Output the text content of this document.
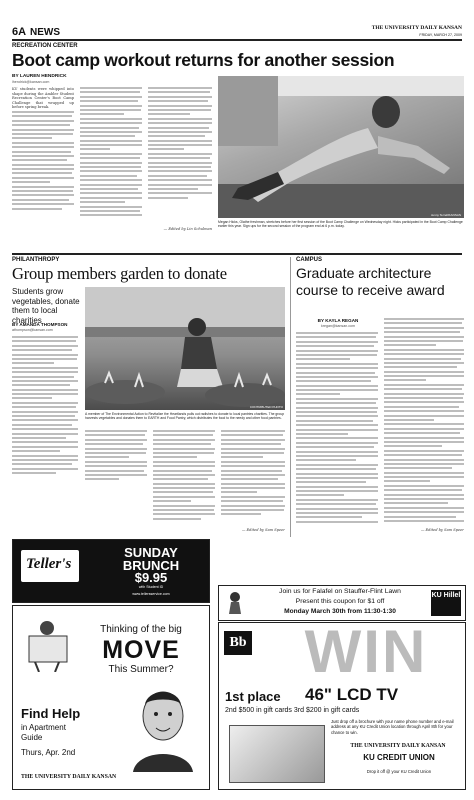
6A NEWS	THE UNIVERSITY DAILY KANSAN
FRIDAY, MARCH 27, 2009
RECREATION CENTER
Boot camp workout returns for another session
BY LAUREN HENDRICK
lhendrick@kansan.com
KU students were whipped into shape during the Ambler Student Recreation Center's Boot Camp Challenge that wrapped up before spring break.
— Edited by Lin Schulman
Jenny Terrell/KANSAN
Megan Hicks, Olathe freshman, stretches before her first session of the Boot Camp Challenge on Wednesday night. Hicks participated in the Boot Camp Challenge earlier this year. Sign ups for the second session of the program end at 6 p.m. today.
PHILANTHROPY
Group members garden to donate
Students grow vegetables, donate them to local charities
BY AMANDA THOMPSON
athompson@kansan.com
CONTRIBUTED PHOTO
A member of The Environmental Action to Revitalize the Heartlands pulls out radishes to donate to local pantries charities. The group harvests vegetables and donates them to EARTH and Food Pantry, which distributes the food to the needy and other food pantries.
— Edited by Sam Speer
CAMPUS
Graduate architecture course to receive award
BY KAYLA REGAN
kregan@kansan.com
— Edited by Sam Speer
Teller's
SUNDAY BRUNCH
$9.95
with Student ID
www.tellersservice.com	Join us for Falafel on Stauffer-Flint Lawn
Present this coupon for $1 off
Monday March 30th from 11:30-1:30
KU Hillel
Thinking of the big
MOVE
This Summer?
Find Help
in Apartment
Guide
Thurs, Apr. 2nd
THE UNIVERSITY DAILY KANSAN
Bb WIN
1st place 46" LCD TV
2nd $500 in gift cards 3rd $200 in gift cards
Just drop off a brochure with your name phone number and e-mail address at any KU Credit Union location through April 8th for your chance to win.
THE UNIVERSITY DAILY KANSAN
KU CREDIT UNION
Drop it off @ your KU Credit Union
